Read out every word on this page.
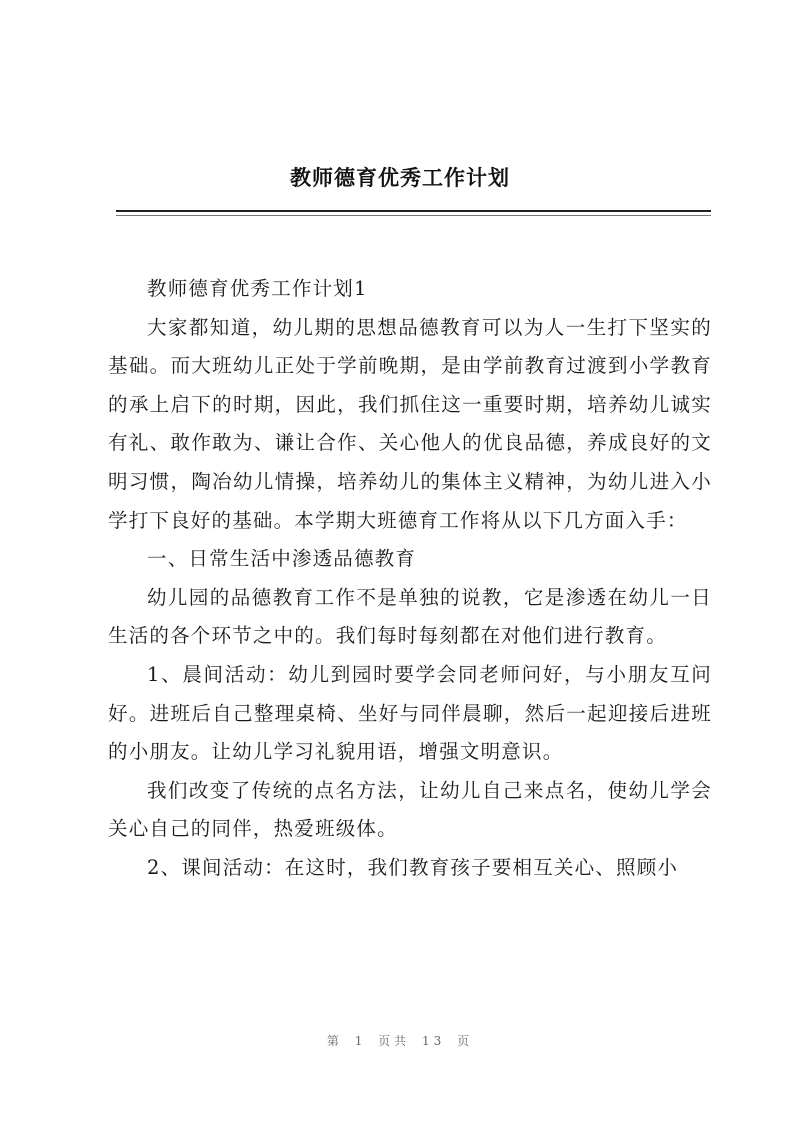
教师德育优秀工作计划

教师德育优秀工作计划1

大家都知道，幼儿期的思想品德教育可以为人一生打下坚实的基础。而大班幼儿正处于学前晚期，是由学前教育过渡到小学教育的承上启下的时期，因此，我们抓住这一重要时期，培养幼儿诚实有礼、敢作敢为、谦让合作、关心他人的优良品德，养成良好的文明习惯，陶冶幼儿情操，培养幼儿的集体主义精神，为幼儿进入小学打下良好的基础。本学期大班德育工作将从以下几方面入手：

一、日常生活中渗透品德教育

幼儿园的品德教育工作不是单独的说教，它是渗透在幼儿一日生活的各个环节之中的。我们每时每刻都在对他们进行教育。

1、晨间活动：幼儿到园时要学会同老师问好，与小朋友互问好。进班后自己整理桌椅、坐好与同伴晨聊，然后一起迎接后进班的小朋友。让幼儿学习礼貌用语，增强文明意识。

我们改变了传统的点名方法，让幼儿自己来点名，使幼儿学会关心自己的同伴，热爱班级体。

2、课间活动：在这时，我们教育孩子要相互关心、照顾小

第 1 页共 13 页
